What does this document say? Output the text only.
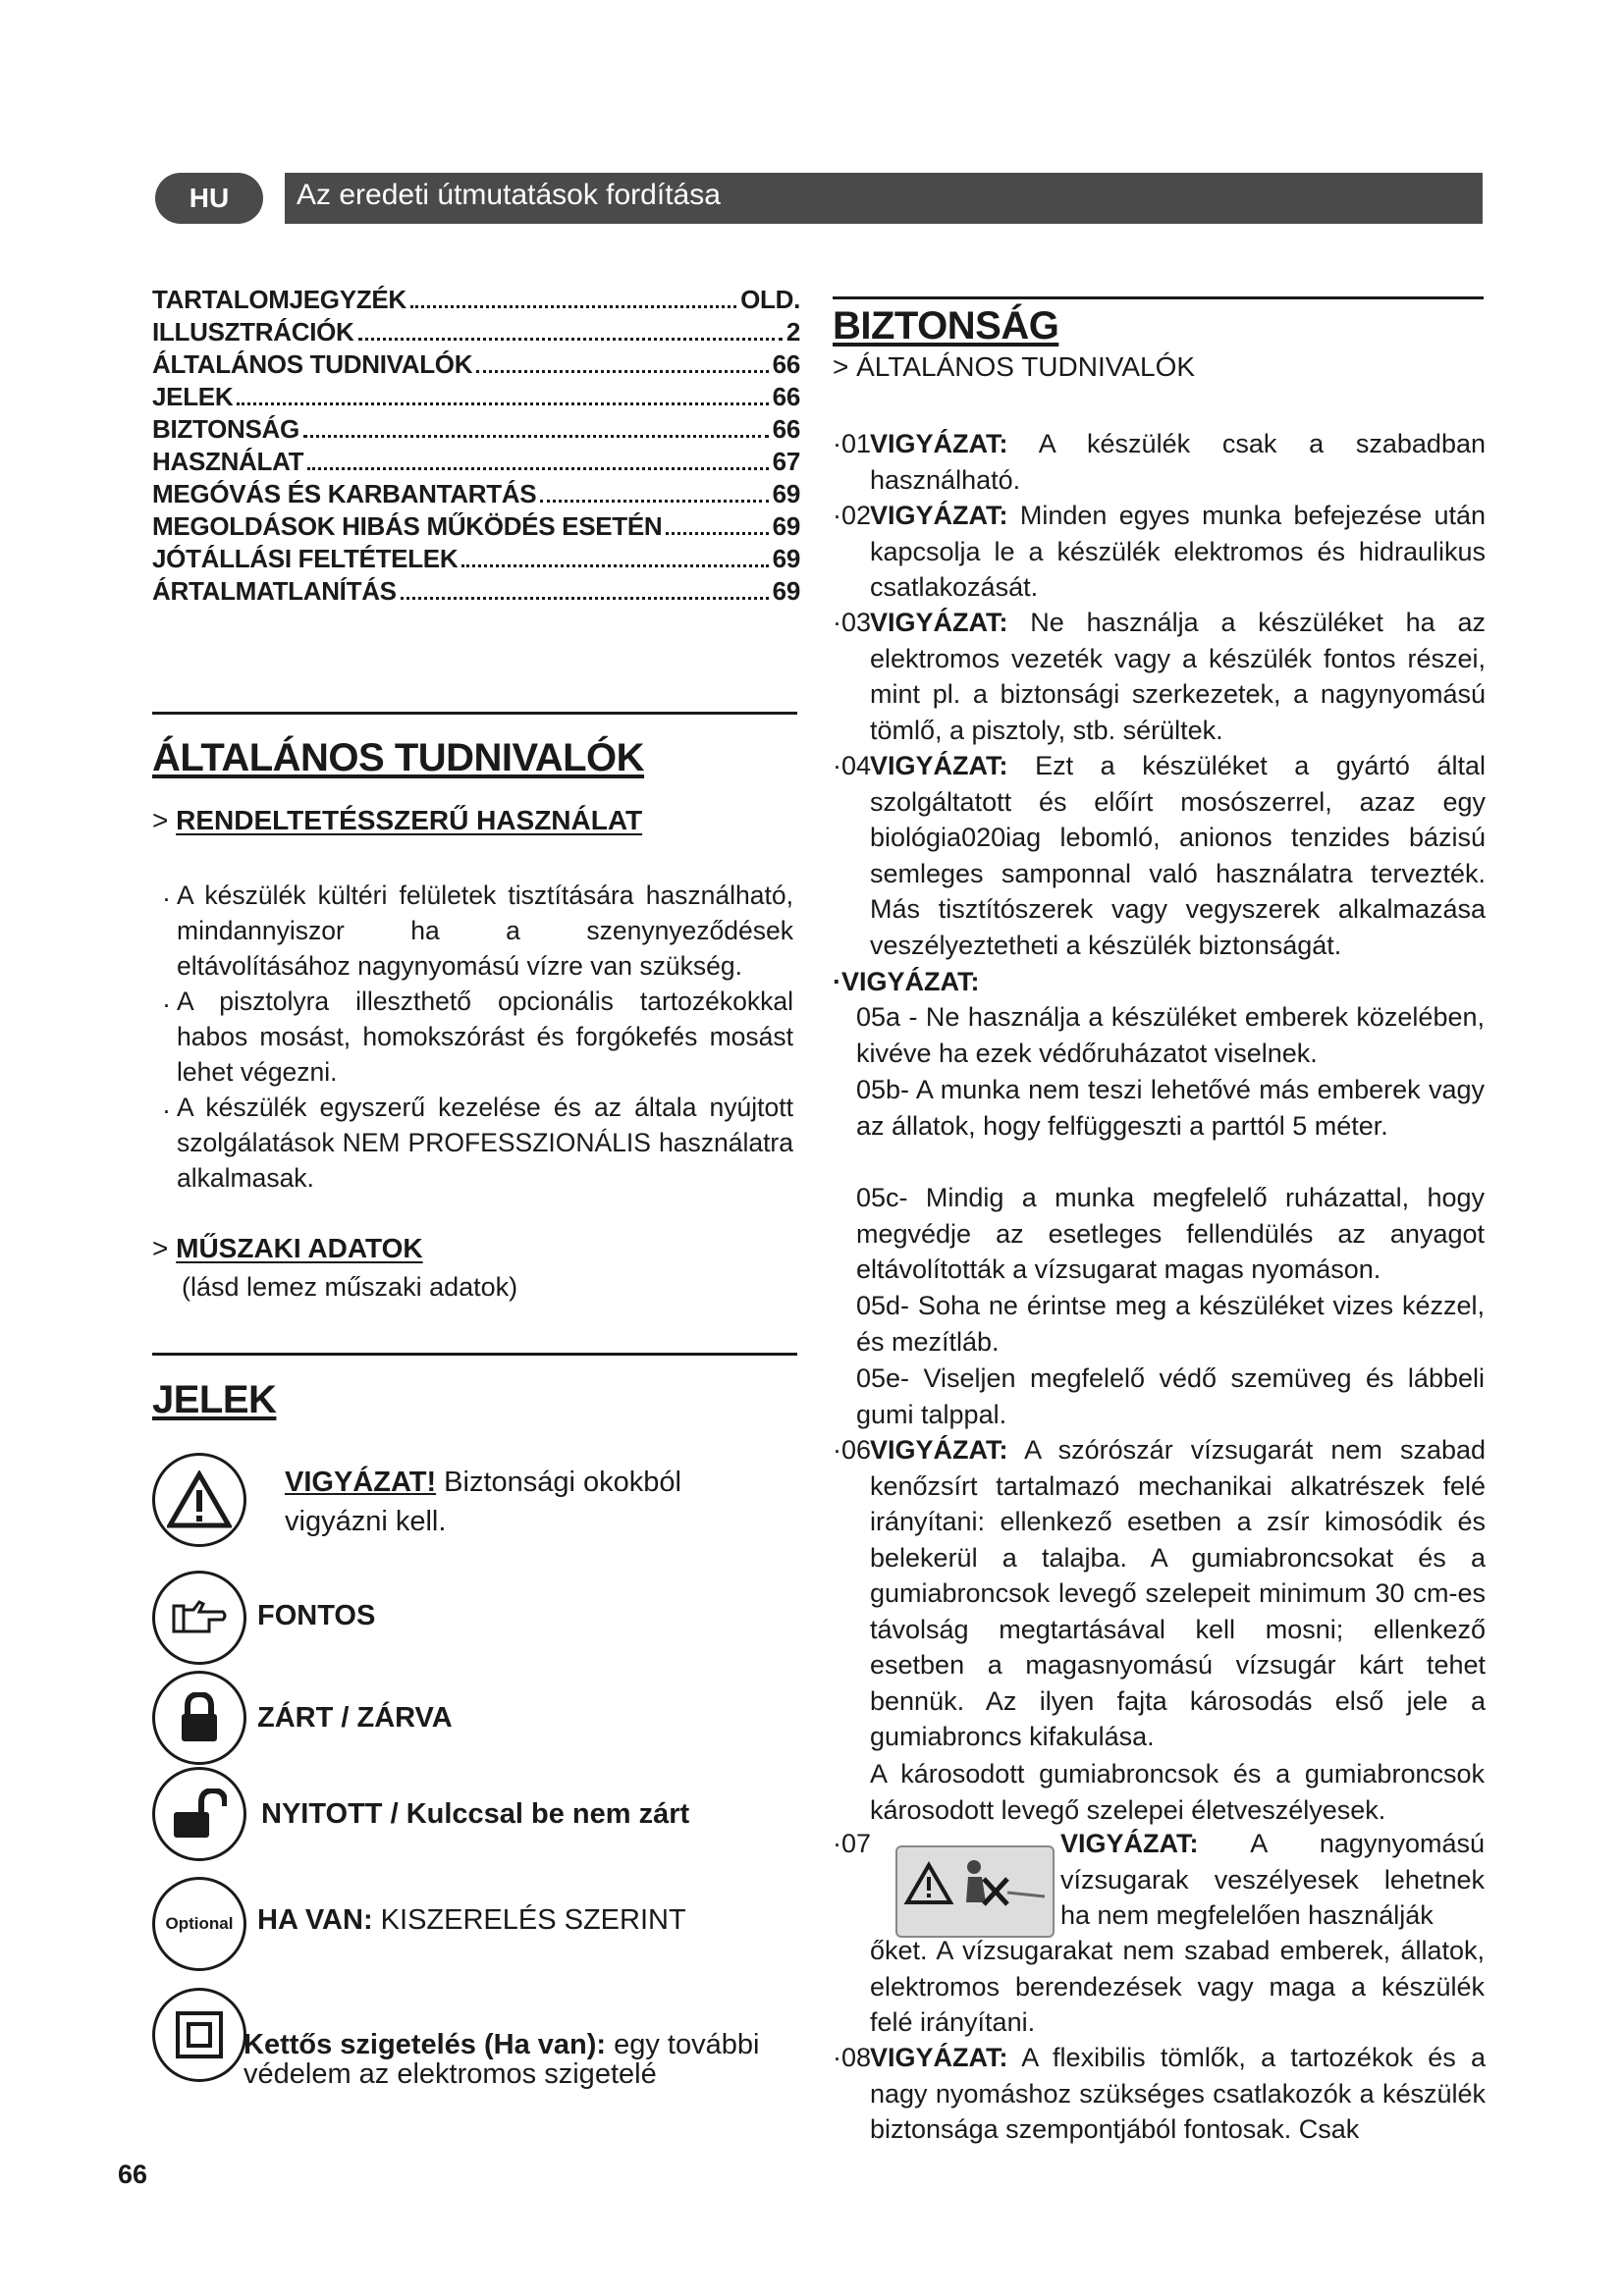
HU	Az eredeti útmutatások fordítása
TARTALOMJEGYZÉK	OLD.
ILLUSZTRÁCIÓK	2
ÁLTALÁNOS TUDNIVALÓK	66
JELEK	66
BIZTONSÁG	66
HASZNÁLAT	67
MEGÓVÁS ÉS KARBANTARTÁS	69
MEGOLDÁSOK HIBÁS MŰKÖDÉS ESETÉN	69
JÓTÁLLÁSI FELTÉTELEK	69
ÁRTALMATLANÍTÁS	69
ÁLTALÁNOS TUDNIVALÓK
> RENDELTETÉSSZERŰ HASZNÁLAT
· A készülék kültéri felületek tisztítására használható, mindannyiszor ha a szenynyeződések eltávolításához nagynyomású vízre van szükség.
· A pisztolyra illeszthető opcionális tartozékokkal habos mosást, homokszórást és forgókefés mosást lehet végezni.
· A készülék egyszerű kezelése és az általa nyújtott szolgálatások NEM PROFESSZIONÁLIS használatra alkalmasak.
> MŰSZAKI ADATOK
(lásd lemez műszaki adatok)
JELEK
VIGYÁZAT! Biztonsági okokból vigyázni kell.
FONTOS
ZÁRT / ZÁRVA
NYITOTT / Kulccsal be nem zárt
Optional HA VAN: KISZERELÉS SZERINT
Kettős szigetelés (Ha van): egy további védelem az elektromos szigetelé
66
BIZTONSÁG
> ÁLTALÁNOS TUDNIVALÓK
·01
VIGYÁZAT: A készülék csak a szabadban használható.
·02
VIGYÁZAT: Minden egyes munka befejezése után kapcsolja le a készülék elektromos és hidraulikus csatlakozását.
·03
VIGYÁZAT: Ne használja a készüléket ha az elektromos vezeték vagy a készülék fontos részei, mint pl. a biztonsági szerkezetek, a nagynyomású tömlő, a pisztoly, stb. sérültek.
·04
VIGYÁZAT: Ezt a készüléket a gyártó által szolgáltatott és előírt mosószerrel, azaz egy biológia020iag lebomló, anionos tenzides bázisú semleges samponnal való használatra tervezték. Más tisztítószerek vagy vegyszerek alkalmazása veszélyeztetheti a készülék biztonságát.
·VIGYÁZAT:
05a - Ne használja a készüléket emberek közelében, kivéve ha ezek védőruházatot viselnek.
05b- A munka nem teszi lehetővé más emberek vagy az állatok, hogy felfüggeszti a parttól 5 méter.
05c- Mindig a munka megfelelő ruházattal, hogy megvédje az esetleges fellendülés az anyagot eltávolították a vízsugarat magas nyomáson.
05d- Soha ne érintse meg a készüléket vizes kézzel, és mezítláb.
05e- Viseljen megfelelő védő szemüveg és lábbeli gumi talppal.
·06
VIGYÁZAT: A szórószár vízsugarát nem szabad kenőzsírt tartalmazó mechanikai alkatrészek felé irányítani: ellenkező esetben a zsír kimosódik és belekerül a talajba. A gumiabroncsokat és a gumiabroncsok levegő szelepeit minimum 30 cm-es távolság megtartásával kell mosni; ellenkező esetben a magasnyomású vízsugár kárt tehet bennük. Az ilyen fajta károsodás első jele a gumiabroncs kifakulása.
A károsodott gumiabroncsok és a gumiabroncsok károsodott levegő szelepei életveszélyesek.
·07	VIGYÁZAT: A nagynyomású vízsugarak veszélyesek lehetnek ha nem megfelelően használják
őket. A vízsugarakat nem szabad emberek, állatok, elektromos berendezések vagy maga a készülék felé irányítani.
·08
VIGYÁZAT: A flexibilis tömlők, a tartozékok és a nagy nyomáshoz szükséges csatlakozók a készülék biztonsága szempontjából fontosak. Csak
